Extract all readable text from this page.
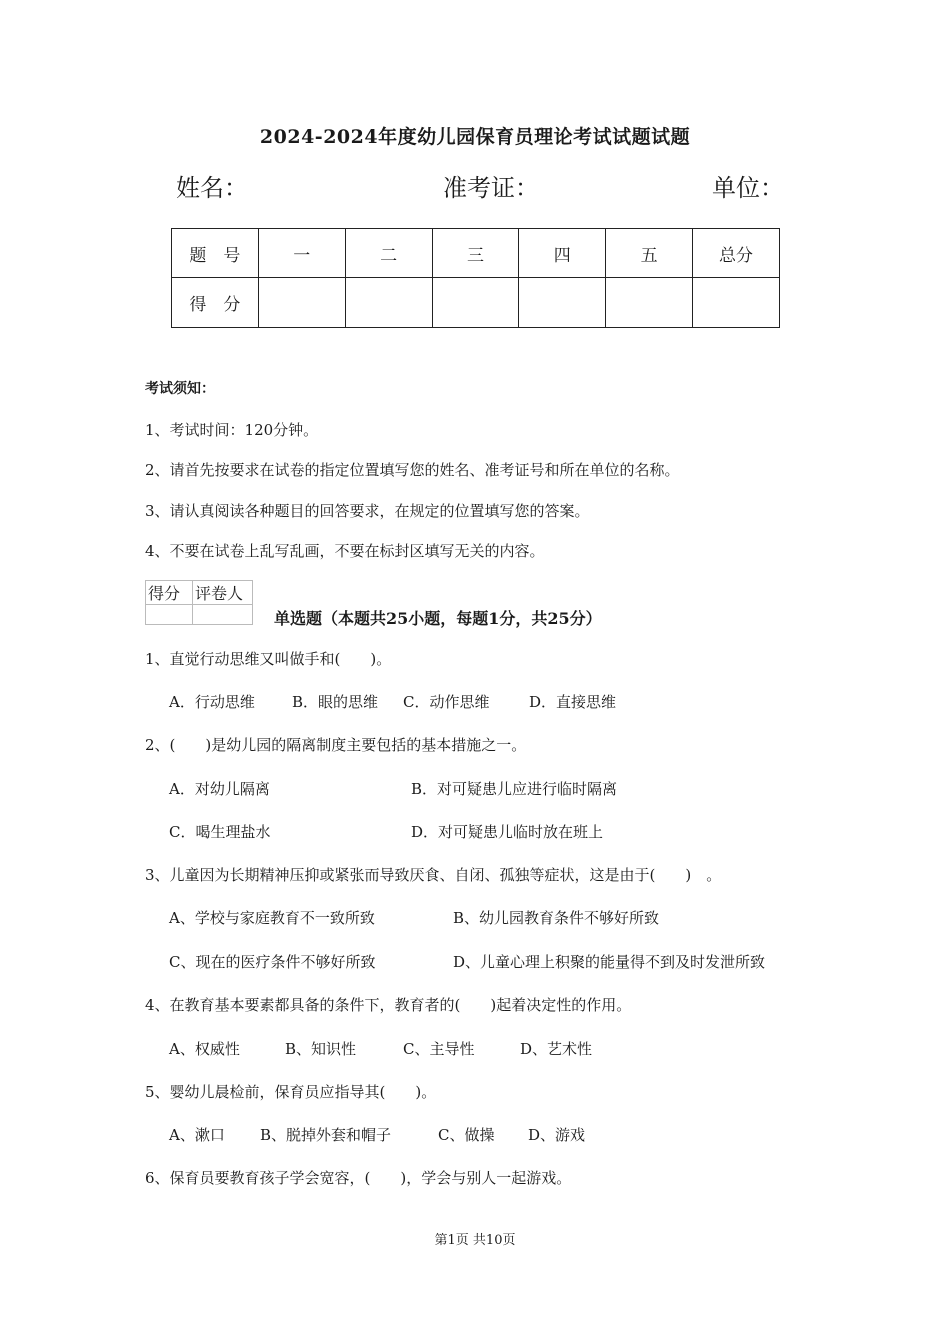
2024-2024年度幼儿园保育员理论考试试题试题
姓名：	准考证：	单位：
题　号	一	二	三	四	五	总分
得　分						
考试须知：
1、考试时间：120分钟。
2、请首先按要求在试卷的指定位置填写您的姓名、准考证号和所在单位的名称。
3、请认真阅读各种题目的回答要求，在规定的位置填写您的答案。
4、不要在试卷上乱写乱画，不要在标封区填写无关的内容。
得分	评卷人

单选题（本题共25小题，每题1分，共25分）
1、直觉行动思维又叫做手和(　　)。
A．行动思维 B．眼的思维 C．动作思维	D．直接思维
2、(　　)是幼儿园的隔离制度主要包括的基本措施之一。
A．对幼儿隔离	B．对可疑患儿应进行临时隔离
C．喝生理盐水	D．对可疑患儿临时放在班上
3、儿童因为长期精神压抑或紧张而导致厌食、自闭、孤独等症状，这是由于(　　)　。
A、学校与家庭教育不一致所致	B、幼儿园教育条件不够好所致
C、现在的医疗条件不够好所致	D、儿童心理上积聚的能量得不到及时发泄所致
4、在教育基本要素都具备的条件下，教育者的(　　)起着决定性的作用。
A、权威性	B、知识性	C、主导性	D、艺术性
5、婴幼儿晨检前，保育员应指导其(　　)。
A、漱口 B、脱掉外套和帽子	C、做操 D、游戏
6、保育员要教育孩子学会宽容，(　　)，学会与别人一起游戏。
第1页 共10页
